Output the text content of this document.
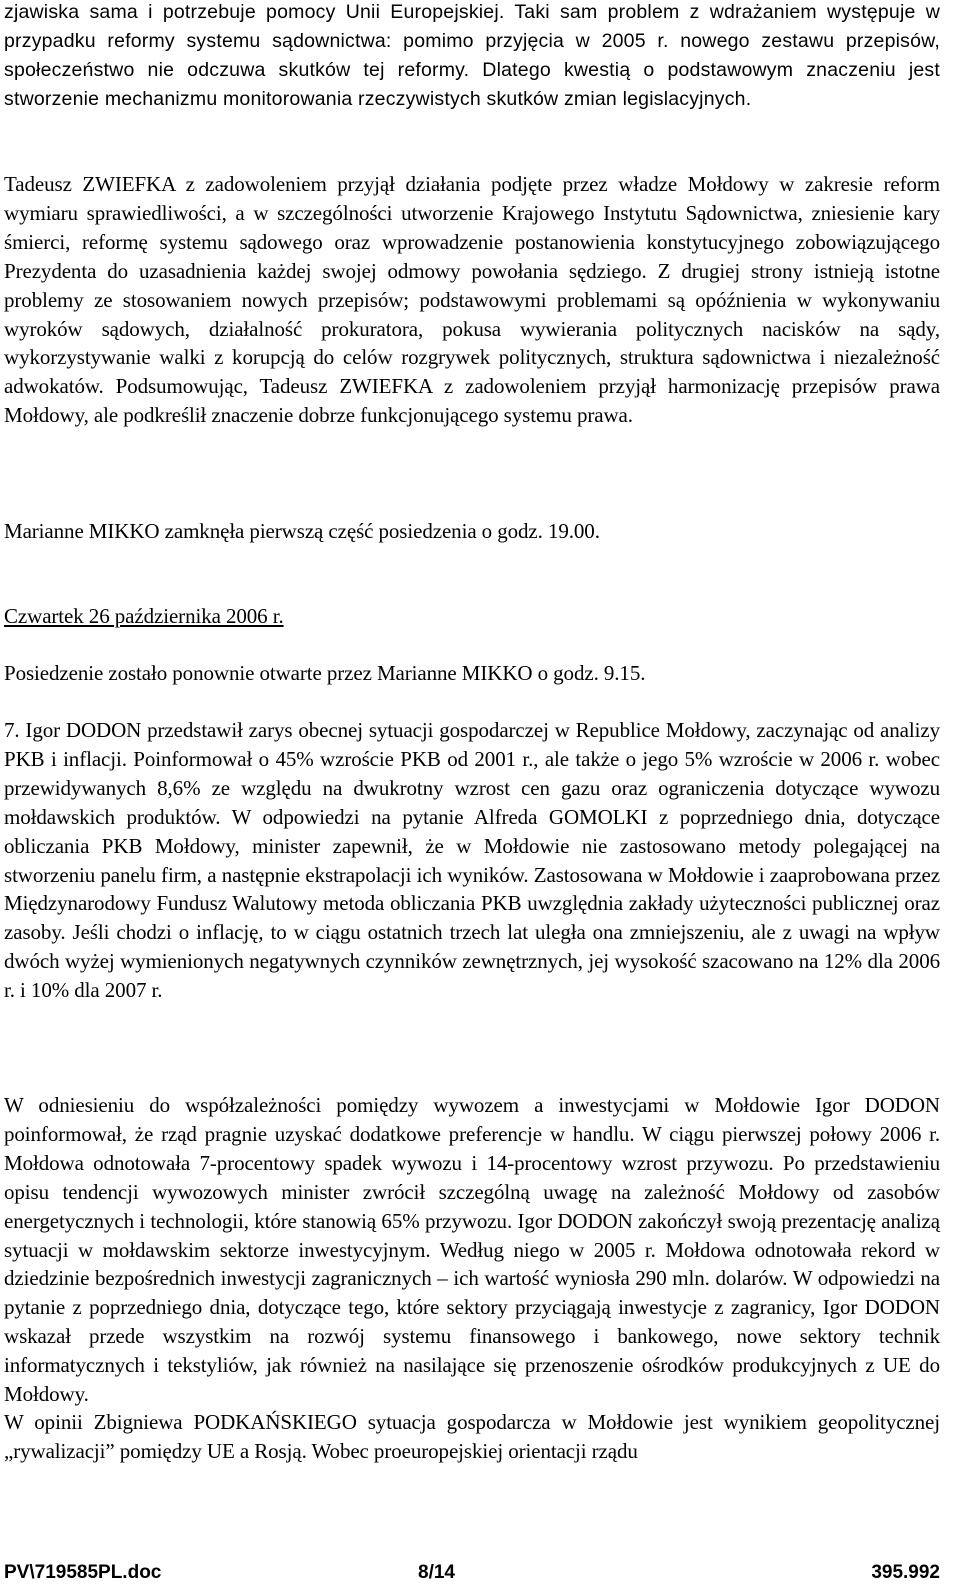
zjawiska sama i potrzebuje pomocy Unii Europejskiej. Taki sam problem z wdrażaniem występuje w przypadku reformy systemu sądownictwa: pomimo przyjęcia w 2005 r. nowego zestawu przepisów, społeczeństwo nie odczuwa skutków tej reformy. Dlatego kwestią o podstawowym znaczeniu jest stworzenie mechanizmu monitorowania rzeczywistych skutków zmian legislacyjnych.

Tadeusz ZWIEFKA z zadowoleniem przyjął działania podjęte przez władze Mołdowy w zakresie reform wymiaru sprawiedliwości, a w szczególności utworzenie Krajowego Instytutu Sądownictwa, zniesienie kary śmierci, reformę systemu sądowego oraz wprowadzenie postanowienia konstytucyjnego zobowiązującego Prezydenta do uzasadnienia każdej swojej odmowy powołania sędziego. Z drugiej strony istnieją istotne problemy ze stosowaniem nowych przepisów; podstawowymi problemami są opóźnienia w wykonywaniu wyroków sądowych, działalność prokuratora, pokusa wywierania politycznych nacisków na sądy, wykorzystywanie walki z korupcją do celów rozgrywek politycznych, struktura sądownictwa i niezależność adwokatów. Podsumowując, Tadeusz ZWIEFKA z zadowoleniem przyjął harmonizację przepisów prawa Mołdowy, ale podkreślił znaczenie dobrze funkcjonującego systemu prawa.

Marianne MIKKO zamknęła pierwszą część posiedzenia o godz. 19.00.

Czwartek 26 października 2006 r.

Posiedzenie zostało ponownie otwarte przez Marianne MIKKO o godz. 9.15.

7. Igor DODON przedstawił zarys obecnej sytuacji gospodarczej w Republice Mołdowy, zaczynając od analizy PKB i inflacji. Poinformował o 45% wzroście PKB od 2001 r., ale także o jego 5% wzroście w 2006 r. wobec przewidywanych 8,6% ze względu na dwukrotny wzrost cen gazu oraz ograniczenia dotyczące wywozu mołdawskich produktów. W odpowiedzi na pytanie Alfreda GOMOLKI z poprzedniego dnia, dotyczące obliczania PKB Mołdowy, minister zapewnił, że w Mołdowie nie zastosowano metody polegającej na stworzeniu panelu firm, a następnie ekstrapolacji ich wyników. Zastosowana w Mołdowie i zaaprobowana przez Międzynarodowy Fundusz Walutowy metoda obliczania PKB uwzględnia zakłady użyteczności publicznej oraz zasoby. Jeśli chodzi o inflację, to w ciągu ostatnich trzech lat uległa ona zmniejszeniu, ale z uwagi na wpływ dwóch wyżej wymienionych negatywnych czynników zewnętrznych, jej wysokość szacowano na 12% dla 2006 r. i 10% dla 2007 r.

W odniesieniu do współzależności pomiędzy wywozem a inwestycjami w Mołdowie Igor DODON poinformował, że rząd pragnie uzyskać dodatkowe preferencje w handlu. W ciągu pierwszej połowy 2006 r. Mołdowa odnotowała 7-procentowy spadek wywozu i 14-procentowy wzrost przywozu. Po przedstawieniu opisu tendencji wywozowych minister zwrócił szczególną uwagę na zależność Mołdowy od zasobów energetycznych i technologii, które stanowią 65% przywozu. Igor DODON zakończył swoją prezentację analizą sytuacji w mołdawskim sektorze inwestycyjnym. Według niego w 2005 r. Mołdowa odnotowała rekord w dziedzinie bezpośrednich inwestycji zagranicznych – ich wartość wyniosła 290 mln. dolarów. W odpowiedzi na pytanie z poprzedniego dnia, dotyczące tego, które sektory przyciągają inwestycje z zagranicy, Igor DODON wskazał przede wszystkim na rozwój systemu finansowego i bankowego, nowe sektory technik informatycznych i tekstyliów, jak również na nasilające się przenoszenie ośrodków produkcyjnych z UE do Mołdowy.

W opinii Zbigniewa PODKAŃSKIEGO sytuacja gospodarcza w Mołdowie jest wynikiem geopolitycznej „rywalizacji” pomiędzy UE a Rosją. Wobec proeuropejskiej orientacji rządu

PV\719585PL.doc	8/14	395.992
